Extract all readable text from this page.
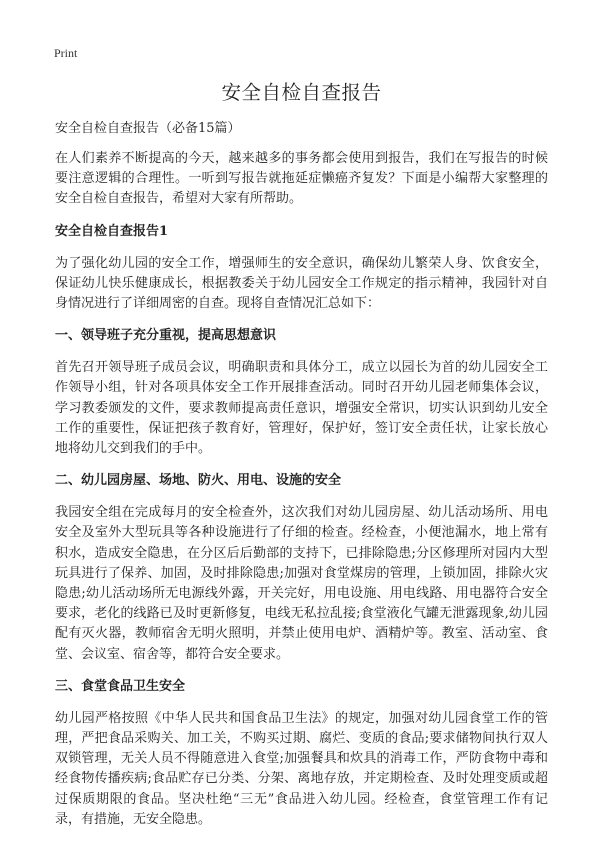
Print
安全自检自查报告

安全自检自查报告（必备15篇）

在人们素养不断提高的今天，越来越多的事务都会使用到报告，我们在写报告的时候要注意逻辑的合理性。一听到写报告就拖延症懒癌齐复发？下面是小编帮大家整理的安全自检自查报告，希望对大家有所帮助。

安全自检自查报告1

为了强化幼儿园的安全工作，增强师生的安全意识，确保幼儿繁荣人身、饮食安全，保证幼儿快乐健康成长，根据教委关于幼儿园安全工作规定的指示精神，我园针对自身情况进行了详细周密的自查。现将自查情况汇总如下：

一、领导班子充分重视，提高思想意识

首先召开领导班子成员会议，明确职责和具体分工，成立以园长为首的幼儿园安全工作领导小组，针对各项具体安全工作开展排查活动。同时召开幼儿园老师集体会议，学习教委颁发的文件，要求教师提高责任意识，增强安全常识，切实认识到幼儿安全工作的重要性，保证把孩子教育好，管理好，保护好，签订安全责任状，让家长放心地将幼儿交到我们的手中。

二、幼儿园房屋、场地、防火、用电、设施的安全

我园安全组在完成每月的安全检查外，这次我们对幼儿园房屋、幼儿活动场所、用电安全及室外大型玩具等各种设施进行了仔细的检查。经检查，小便池漏水，地上常有积水，造成安全隐患，在分区后后勤部的支持下，已排除隐患;分区修理所对园内大型玩具进行了保养、加固，及时排除隐患;加强对食堂煤房的管理，上锁加固，排除火灾隐患;幼儿活动场所无电源线外露，开关完好，用电设施、用电线路、用电器符合安全要求，老化的线路已及时更新修复，电线无私拉乱接;食堂液化气罐无泄露现象,幼儿园配有灭火器，教师宿舍无明火照明，并禁止使用电炉、酒精炉等。教室、活动室、食堂、会议室、宿舍等，都符合安全要求。

三、食堂食品卫生安全

幼儿园严格按照《中华人民共和国食品卫生法》的规定，加强对幼儿园食堂工作的管理，严把食品采购关、加工关，不购买过期、腐烂、变质的食品;要求储物间执行双人双锁管理，无关人员不得随意进入食堂;加强餐具和炊具的消毒工作，严防食物中毒和经食物传播疾病;食品贮存已分类、分架、离地存放，并定期检查、及时处理变质或超过保质期限的食品。坚决杜绝“三无”食品进入幼儿园。经检查，食堂管理工作有记录，有措施，无安全隐患。
